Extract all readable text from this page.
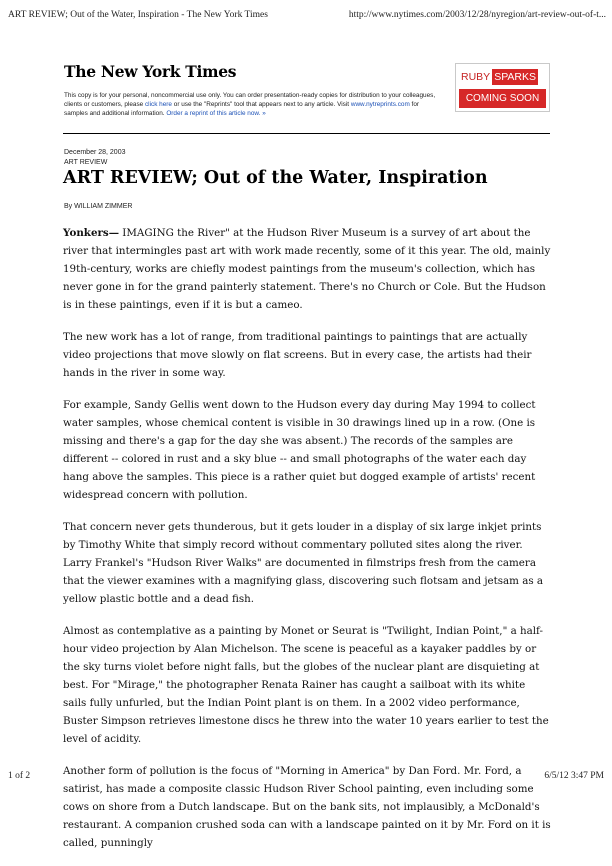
ART REVIEW; Out of the Water, Inspiration - The New York Times	http://www.nytimes.com/2003/12/28/nyregion/art-review-out-of-t...
The New York Times
This copy is for your personal, noncommercial use only. You can order presentation-ready copies for distribution to your colleagues, clients or customers, please click here or use the "Reprints" tool that appears next to any article. Visit www.nytreprints.com for samples and additional information. Order a reprint of this article now. »
RUBY SPARKS
COMING SOON
December 28, 2003
ART REVIEW
ART REVIEW; Out of the Water, Inspiration
By WILLIAM ZIMMER

Yonkers— IMAGING the River" at the Hudson River Museum is a survey of art about the river that intermingles past art with work made recently, some of it this year. The old, mainly 19th-century, works are chiefly modest paintings from the museum's collection, which has never gone in for the grand painterly statement. There's no Church or Cole. But the Hudson is in these paintings, even if it is but a cameo.

The new work has a lot of range, from traditional paintings to paintings that are actually video projections that move slowly on flat screens. But in every case, the artists had their hands in the river in some way.

For example, Sandy Gellis went down to the Hudson every day during May 1994 to collect water samples, whose chemical content is visible in 30 drawings lined up in a row. (One is missing and there's a gap for the day she was absent.) The records of the samples are different -- colored in rust and a sky blue -- and small photographs of the water each day hang above the samples. This piece is a rather quiet but dogged example of artists' recent widespread concern with pollution.

That concern never gets thunderous, but it gets louder in a display of six large inkjet prints by Timothy White that simply record without commentary polluted sites along the river. Larry Frankel's "Hudson River Walks" are documented in filmstrips fresh from the camera that the viewer examines with a magnifying glass, discovering such flotsam and jetsam as a yellow plastic bottle and a dead fish.

Almost as contemplative as a painting by Monet or Seurat is "Twilight, Indian Point," a half-hour video projection by Alan Michelson. The scene is peaceful as a kayaker paddles by or the sky turns violet before night falls, but the globes of the nuclear plant are disquieting at best. For "Mirage," the photographer Renata Rainer has caught a sailboat with its white sails fully unfurled, but the Indian Point plant is on them. In a 2002 video performance, Buster Simpson retrieves limestone discs he threw into the water 10 years earlier to test the level of acidity.

Another form of pollution is the focus of "Morning in America" by Dan Ford. Mr. Ford, a satirist, has made a composite classic Hudson River School painting, even including some cows on shore from a Dutch landscape. But on the bank sits, not implausibly, a McDonald's restaurant. A companion crushed soda can with a landscape painted on it by Mr. Ford on it is called, punningly

1 of 2	6/5/12 3:47 PM
